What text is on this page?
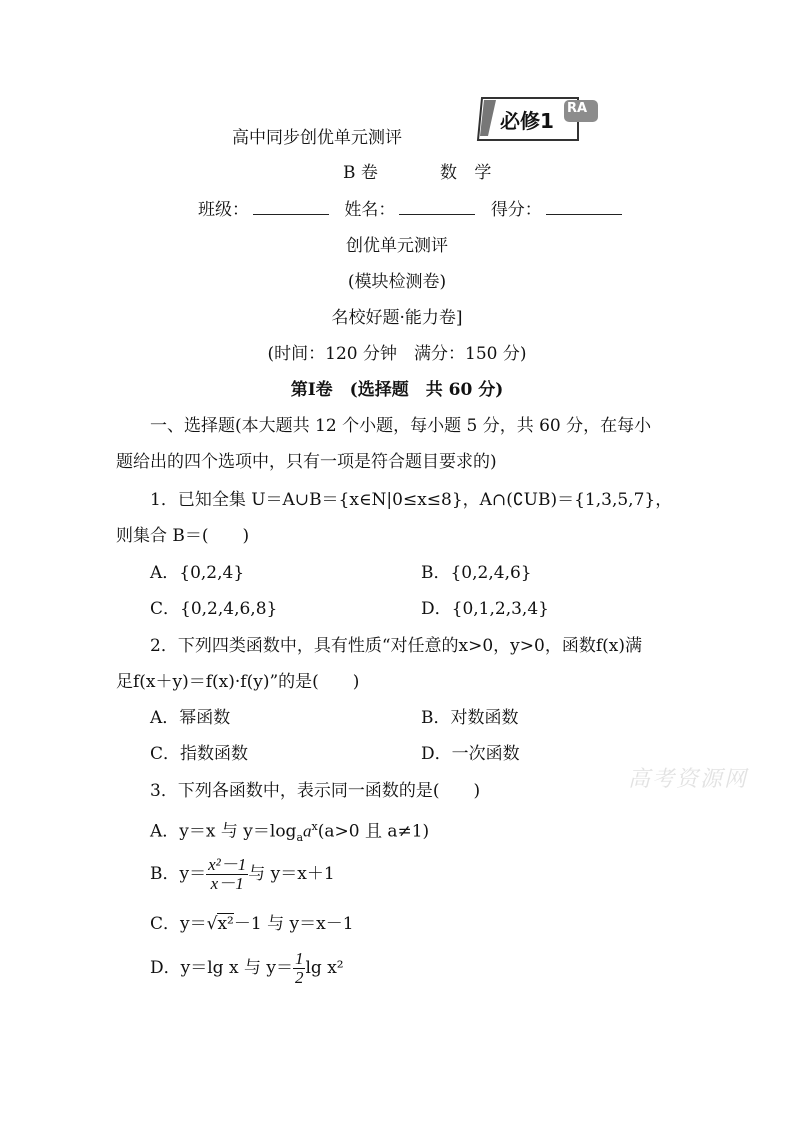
必修1
RA
高中同步创优单元测评
B 卷	数 学
班级：	姓名：	得分：
创优单元测评
(模块检测卷)
名校好题·能力卷]
(时间：120 分钟　满分：150 分)
第Ⅰ卷　(选择题　共 60 分)
一、选择题(本大题共 12 个小题，每小题 5 分，共 60 分，在每小
题给出的四个选项中，只有一项是符合题目要求的)
1．已知全集 U＝A∪B＝{x∈N|0≤x≤8}，A∩(∁UB)＝{1,3,5,7}，
则集合 B＝(　　)
A．{0,2,4}	B．{0,2,4,6}
C．{0,2,4,6,8}	D．{0,1,2,3,4}
2．下列四类函数中，具有性质“对任意的x>0，y>0，函数f(x)满
足f(x＋y)＝f(x)·f(y)”的是(　　)
A．幂函数	B．对数函数
C．指数函数	D．一次函数
高考资源网
3．下列各函数中，表示同一函数的是(　　)
A．y＝x 与 $y=\log_aa^x(a>0$ 且 a≠1)
B．$y= \frac{\text{x²－1}}{x-1}$ 与 y＝x＋1
C．y＝√x²－1 与 y＝x－1
D．y＝lg x 与 $y= \frac{1}{2}$ lg x²
